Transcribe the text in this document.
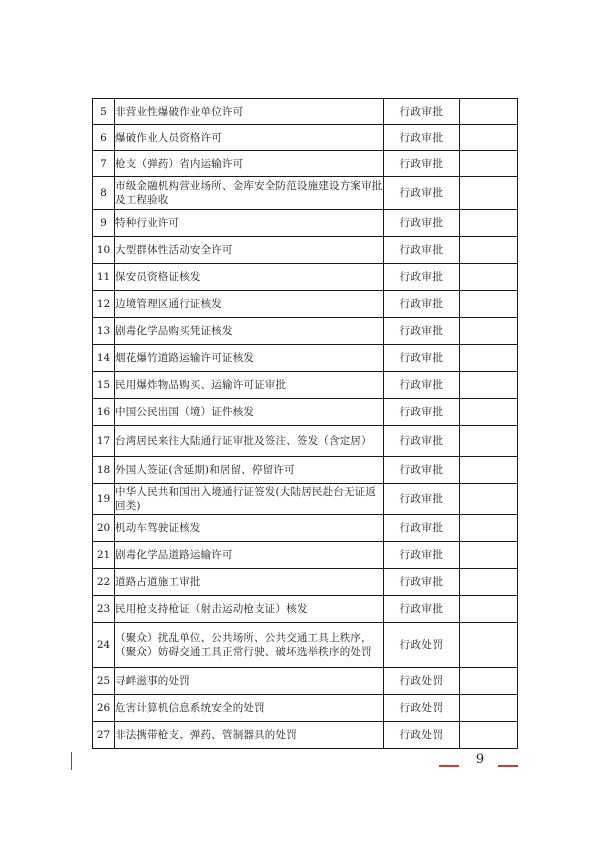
5	非营业性爆破作业单位许可	行政审批	
6	爆破作业人员资格许可	行政审批	
7	枪支（弹药）省内运输许可	行政审批	
8	市级金融机构营业场所、金库安全防范设施建设方案审批及工程验收	行政审批	
9	特种行业许可	行政审批	
10	大型群体性活动安全许可	行政审批	
11	保安员资格证核发	行政审批	
12	边境管理区通行证核发	行政审批	
13	剧毒化学品购买凭证核发	行政审批	
14	烟花爆竹道路运输许可证核发	行政审批	
15	民用爆炸物品购买、运输许可证审批	行政审批	
16	中国公民出国（境）证件核发	行政审批	
17	台湾居民来往大陆通行证审批及签注、签发（含定居）	行政审批	
18	外国人签证(含延期)和居留、停留许可	行政审批	
19	中华人民共和国出入境通行证签发(大陆居民赴台无证返回类)	行政审批	
20	机动车驾驶证核发	行政审批	
21	剧毒化学品道路运输许可	行政审批	
22	道路占道施工审批	行政审批	
23	民用枪支持枪证（射击运动枪支证）核发	行政审批	
24	（聚众）扰乱单位、公共场所、公共交通工具上秩序，（聚众）妨碍交通工具正常行驶、破坏选举秩序的处罚	行政处罚	
25	寻衅滋事的处罚	行政处罚	
26	危害计算机信息系统安全的处罚	行政处罚	
27	非法携带枪支、弹药、管制器具的处罚	行政处罚	
9
